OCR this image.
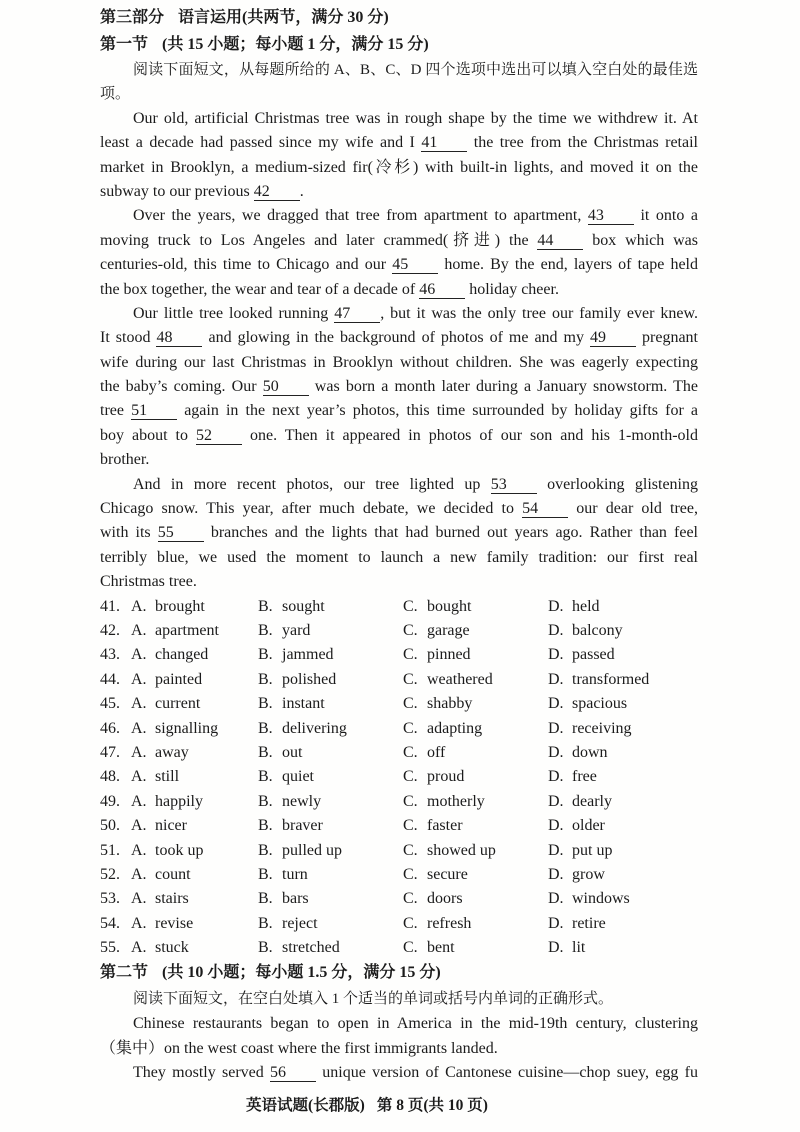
第三部分 语言运用(共两节，满分 30 分)
第一节 (共 15 小题；每小题 1 分，满分 15 分)
阅读下面短文，从每题所给的 A、B、C、D 四个选项中选出可以填入空白处的最佳选
项。
Our old, artificial Christmas tree was in rough shape by the time we withdrew it. At
least a decade had passed since my wife and I 41 the tree from the Christmas retail
market in Brooklyn, a medium-sized fir(冷杉) with built-in lights, and moved it on the
subway to our previous 42 .
Over the years, we dragged that tree from apartment to apartment, 43 it onto a
moving truck to Los Angeles and later crammed(挤进) the 44 box which was
centuries-old, this time to Chicago and our 45 home. By the end, layers of tape held
the box together, the wear and tear of a decade of 46 holiday cheer.
Our little tree looked running 47 , but it was the only tree our family ever knew.
It stood 48 and glowing in the background of photos of me and my 49 pregnant
wife during our last Christmas in Brooklyn without children. She was eagerly expecting
the baby’s coming. Our 50 was born a month later during a January snowstorm. The
tree 51 again in the next year’s photos, this time surrounded by holiday gifts for a
boy about to 52 one. Then it appeared in photos of our son and his 1-month-old
brother.
And in more recent photos, our tree lighted up 53 overlooking glistening
Chicago snow. This year, after much debate, we decided to 54 our dear old tree,
with its 55 branches and the lights that had burned out years ago. Rather than feel
terribly blue, we used the moment to launch a new family tradition: our first real
Christmas tree.
41. A. brought	B. sought	C. bought	D. held
42. A. apartment B. yard	C. garage	D. balcony
43. A. changed	B. jammed	C. pinned	D. passed
44. A. painted	B. polished	C. weathered	D. transformed
45. A. current	B. instant	C. shabby	D. spacious
46. A. signalling B. delivering	C. adapting	D. receiving
47. A. away	B. out	C. off	D. down
48. A. still	B. quiet	C. proud	D. free
49. A. happily	B. newly	C. motherly	D. dearly
50. A. nicer	B. braver	C. faster	D. older
51. A. took up	B. pulled up	C. showed up	D. put up
52. A. count	B. turn	C. secure	D. grow
53. A. stairs	B. bars	C. doors	D. windows
54. A. revise	B. reject	C. refresh	D. retire
55. A. stuck	B. stretched	C. bent	D. lit
第二节 (共 10 小题；每小题 1.5 分，满分 15 分)
阅读下面短文，在空白处填入 1 个适当的单词或括号内单词的正确形式。
Chinese restaurants began to open in America in the mid-19th century, clustering
（集中）on the west coast where the first immigrants landed.
They mostly served 56 unique version of Cantonese cuisine—chop suey, egg fu
英语试题(长郡版) 第 8 页(共 10 页)
